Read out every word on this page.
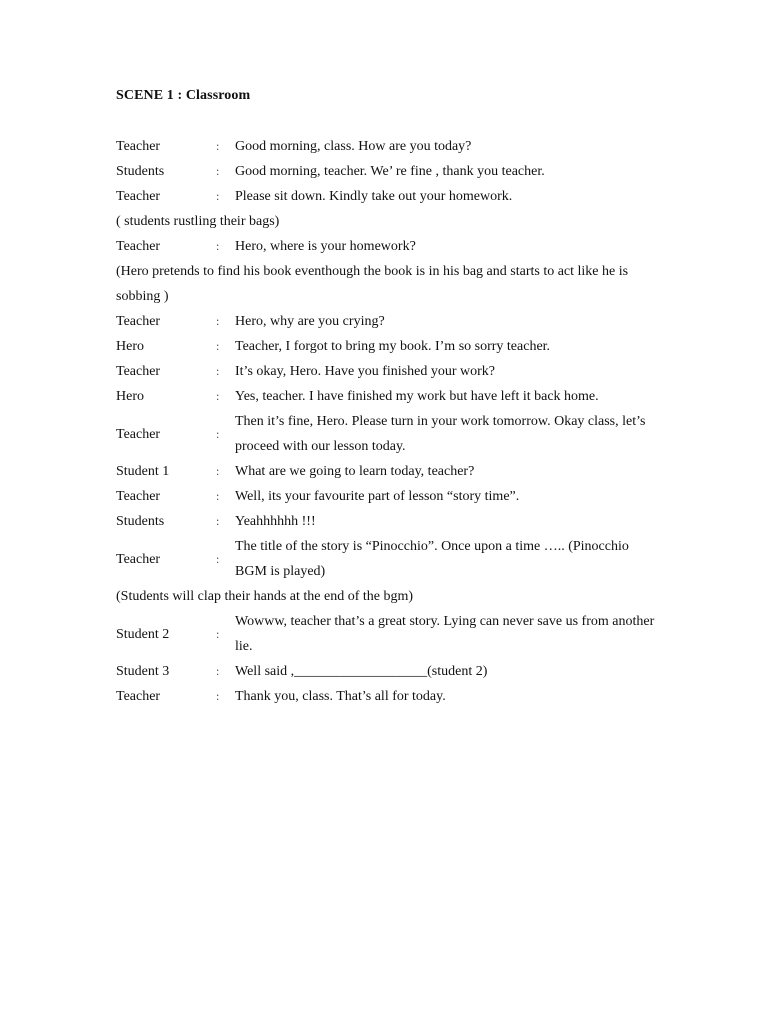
SCENE 1 : Classroom
Teacher	:	Good morning, class. How are you today?
Students	:	Good morning, teacher. We’ re fine , thank you teacher.
Teacher	:	Please sit down. Kindly take out your homework.
( students rustling their bags)
Teacher	:	Hero, where is your homework?
(Hero pretends to find his book eventhough the book is in his bag and starts to act like he is sobbing )
Teacher	:	Hero, why are you crying?
Hero	:	Teacher, I forgot to bring my book. I’m so sorry teacher.
Teacher	:	It’s okay, Hero. Have you finished your work?
Hero	:	Yes, teacher. I have finished my work but have left it back home.
Teacher	:
Then it’s fine, Hero. Please turn in your work tomorrow. Okay class, let’s proceed with our lesson today.
Student 1	:	What are we going to learn today, teacher?
Teacher	:	Well, its your favourite part of lesson “story time”.
Students	:	Yeahhhhhh !!!
Teacher	:
The title of the story is “Pinocchio”. Once upon a time ….. (Pinocchio BGM is played)
(Students will clap their hands at the end of the bgm)
Student 2	:
Wowww, teacher that’s a great story. Lying can never save us from another lie.
Student 3	:	Well said ,___________________(student 2)
Teacher	:	Thank you, class. That’s all for today.
